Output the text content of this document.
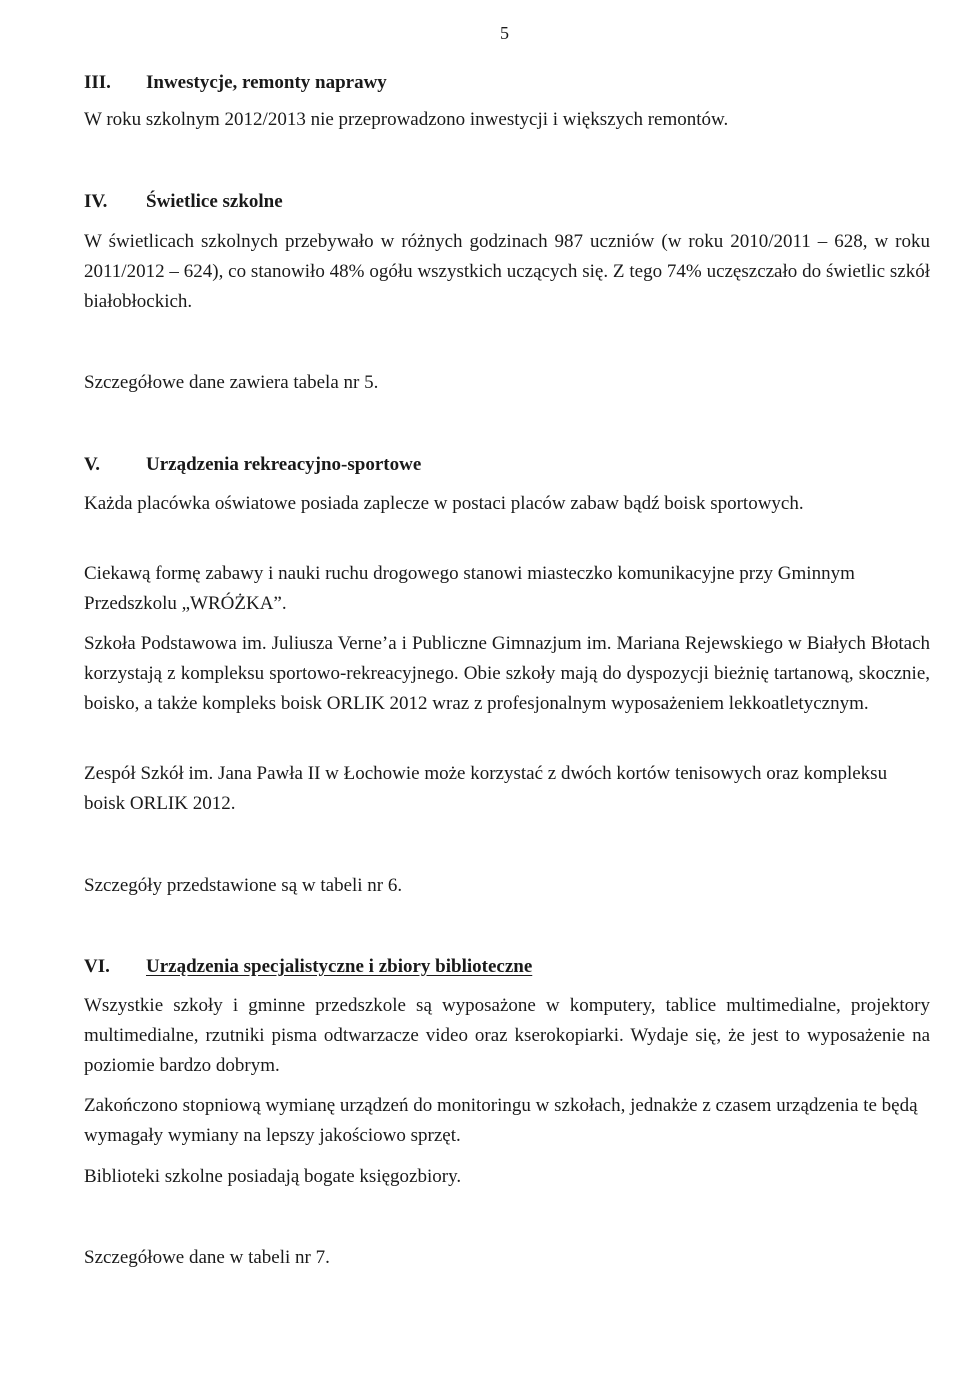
5
III. Inwestycje, remonty naprawy

W roku szkolnym 2012/2013 nie przeprowadzono inwestycji i większych remontów.

IV. Świetlice szkolne

W świetlicach szkolnych przebywało w różnych godzinach 987 uczniów (w roku 2010/2011 – 628, w roku 2011/2012 – 624), co stanowiło 48% ogółu wszystkich uczących się. Z tego 74% uczęszczało do świetlic szkół białobłockich.

Szczegółowe dane zawiera tabela nr 5.

V. Urządzenia rekreacyjno-sportowe

Każda placówka oświatowe posiada zaplecze w postaci placów zabaw bądź boisk sportowych.

Ciekawą formę zabawy i nauki ruchu drogowego stanowi miasteczko komunikacyjne przy Gminnym Przedszkolu „WRÓŻKA”.

Szkoła Podstawowa im. Juliusza Verne’a i Publiczne Gimnazjum im. Mariana Rejewskiego w Białych Błotach korzystają z kompleksu sportowo-rekreacyjnego. Obie szkoły mają do dyspozycji bieżnię tartanową, skocznie, boisko, a także kompleks boisk ORLIK 2012 wraz z profesjonalnym wyposażeniem lekkoatletycznym.

Zespół Szkół im. Jana Pawła II w Łochowie może korzystać z dwóch kortów tenisowych oraz kompleksu boisk ORLIK 2012.

Szczegóły przedstawione są w tabeli nr 6.

VI. Urządzenia specjalistyczne i zbiory biblioteczne

Wszystkie szkoły i gminne przedszkole są wyposażone w komputery, tablice multimedialne, projektory multimedialne, rzutniki pisma odtwarzacze video oraz kserokopiarki. Wydaje się, że jest to wyposażenie na poziomie bardzo dobrym.

Zakończono stopniową wymianę urządzeń do monitoringu w szkołach, jednakże z czasem urządzenia te będą wymagały wymiany na lepszy jakościowo sprzęt.

Biblioteki szkolne posiadają bogate księgozbiory.

Szczegółowe dane w tabeli nr 7.
